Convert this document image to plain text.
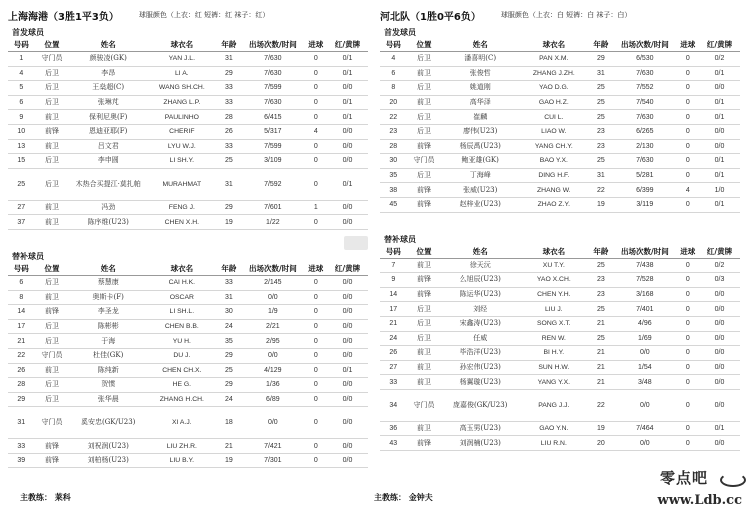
上海海港（3胜1平3负）	球服颜色（上衣：红 短裤：红 袜子：红）
首发球员
号码	位置	姓名	球衣名	年龄	出场次数/时间	进球	红/黄牌
1	守门员	颜骏凌(GK)	YAN J.L.	31	7/630	0	0/1
4	后卫	李昂	LI A.	29	7/630	0	0/1
5	后卫	王燊超(C)	WANG SH.CH.	33	7/599	0	0/0
6	后卫	张琳芃	ZHANG L.P.	33	7/630	0	0/1
9	前卫	保利尼奥(F)	PAULINHO	28	6/415	0	0/1
10	前锋	恩迪亚耶(F)	CHERIF	26	5/317	4	0/0
13	前卫	吕文君	LYU W.J.	33	7/599	0	0/0
15	后卫	李申圆	LI SH.Y.	25	3/109	0	0/0
25	后卫	木热合买提江·莫扎帕	MURAHMAT	31	7/592	0	0/1
27	前卫	冯劲	FENG J.	29	7/601	1	0/0
37	前卫	陈序维(U23)	CHEN X.H.	19	1/22	0	0/0
替补球员
号码	位置	姓名	球衣名	年龄	出场次数/时间	进球	红/黄牌
6	后卫	蔡慧康	CAI H.K.	33	2/145	0	0/0
8	前卫	奥斯卡(F)	OSCAR	31	0/0	0	0/0
14	前锋	李圣龙	LI SH.L.	30	1/9	0	0/0
17	后卫	陈彬彬	CHEN B.B.	24	2/21	0	0/0
21	后卫	于海	YU H.	35	2/95	0	0/0
22	守门员	杜佳(GK)	DU J.	29	0/0	0	0/0
26	前卫	陈纯新	CHEN CH.X.	25	4/129	0	0/1
28	后卫	贺惯	HE G.	29	1/36	0	0/0
29	后卫	张华晨	ZHANG H.CH.	24	6/89	0	0/0
31	守门员	奚安忠(GK/U23)	XI A.J.	18	0/0	0	0/0
33	前锋	刘祝润(U23)	LIU ZH.R.	21	7/421	0	0/0
39	前锋	刘柏杨(U23)	LIU B.Y.	19	7/301	0	0/0
河北队（1胜0平6负）	球服颜色（上衣：白 短裤：白 袜子：白）
首发球员
号码	位置	姓名	球衣名	年龄	出场次数/时间	进球	红/黄牌
4	后卫	潘喜明(C)	PAN X.M.	29	6/530	0	0/2
6	前卫	张俊哲	ZHANG J.ZH.	31	7/630	0	0/1
8	后卫	姚道刚	YAO D.G.	25	7/552	0	0/0
20	前卫	高华泽	GAO H.Z.	25	7/540	0	0/1
22	后卫	崔麟	CUI L.	25	7/630	0	0/1
23	后卫	廖伟(U23)	LIAO W.	23	6/265	0	0/0
28	前锋	杨辰禹(U23)	YANG CH.Y.	23	2/130	0	0/0
30	守门员	鲍亚雄(GK)	BAO Y.X.	25	7/630	0	0/1
35	后卫	丁海峰	DING H.F.	31	5/281	0	0/1
38	前锋	张威(U23)	ZHANG W.	22	6/399	4	1/0
45	前锋	赵梓业(U23)	ZHAO Z.Y.	19	3/119	0	0/1
替补球员
号码	位置	姓名	球衣名	年龄	出场次数/时间	进球	红/黄牌
7	前卫	徐天沅	XU T.Y.	25	7/438	0	0/2
9	前锋	么旭辰(U23)	YAO X.CH.	23	7/528	0	0/3
14	前锋	陈运华(U23)	CHEN Y.H.	23	3/168	0	0/0
17	后卫	刘经	LIU J.	25	7/401	0	0/0
21	后卫	宋鑫涛(U23)	SONG X.T.	21	4/96	0	0/0
24	后卫	任威	REN W.	25	1/69	0	0/0
26	前卫	毕浩洋(U23)	BI H.Y.	21	0/0	0	0/0
27	前卫	孙宏伟(U23)	SUN H.W.	21	1/54	0	0/0
33	前卫	杨翼璇(U23)	YANG Y.X.	21	3/48	0	0/0
34	守门员	庞嘉俊(GK/U23)	PANG J.J.	22	0/0	0	0/0
36	前卫	高玉男(U23)	GAO Y.N.	19	7/464	0	0/1
43	前锋	刘润楠(U23)	LIU R.N.	20	0/0	0	0/0
主教练： 莱科	主教练： 金钟夫
零点吧
www.Ldb.cc
